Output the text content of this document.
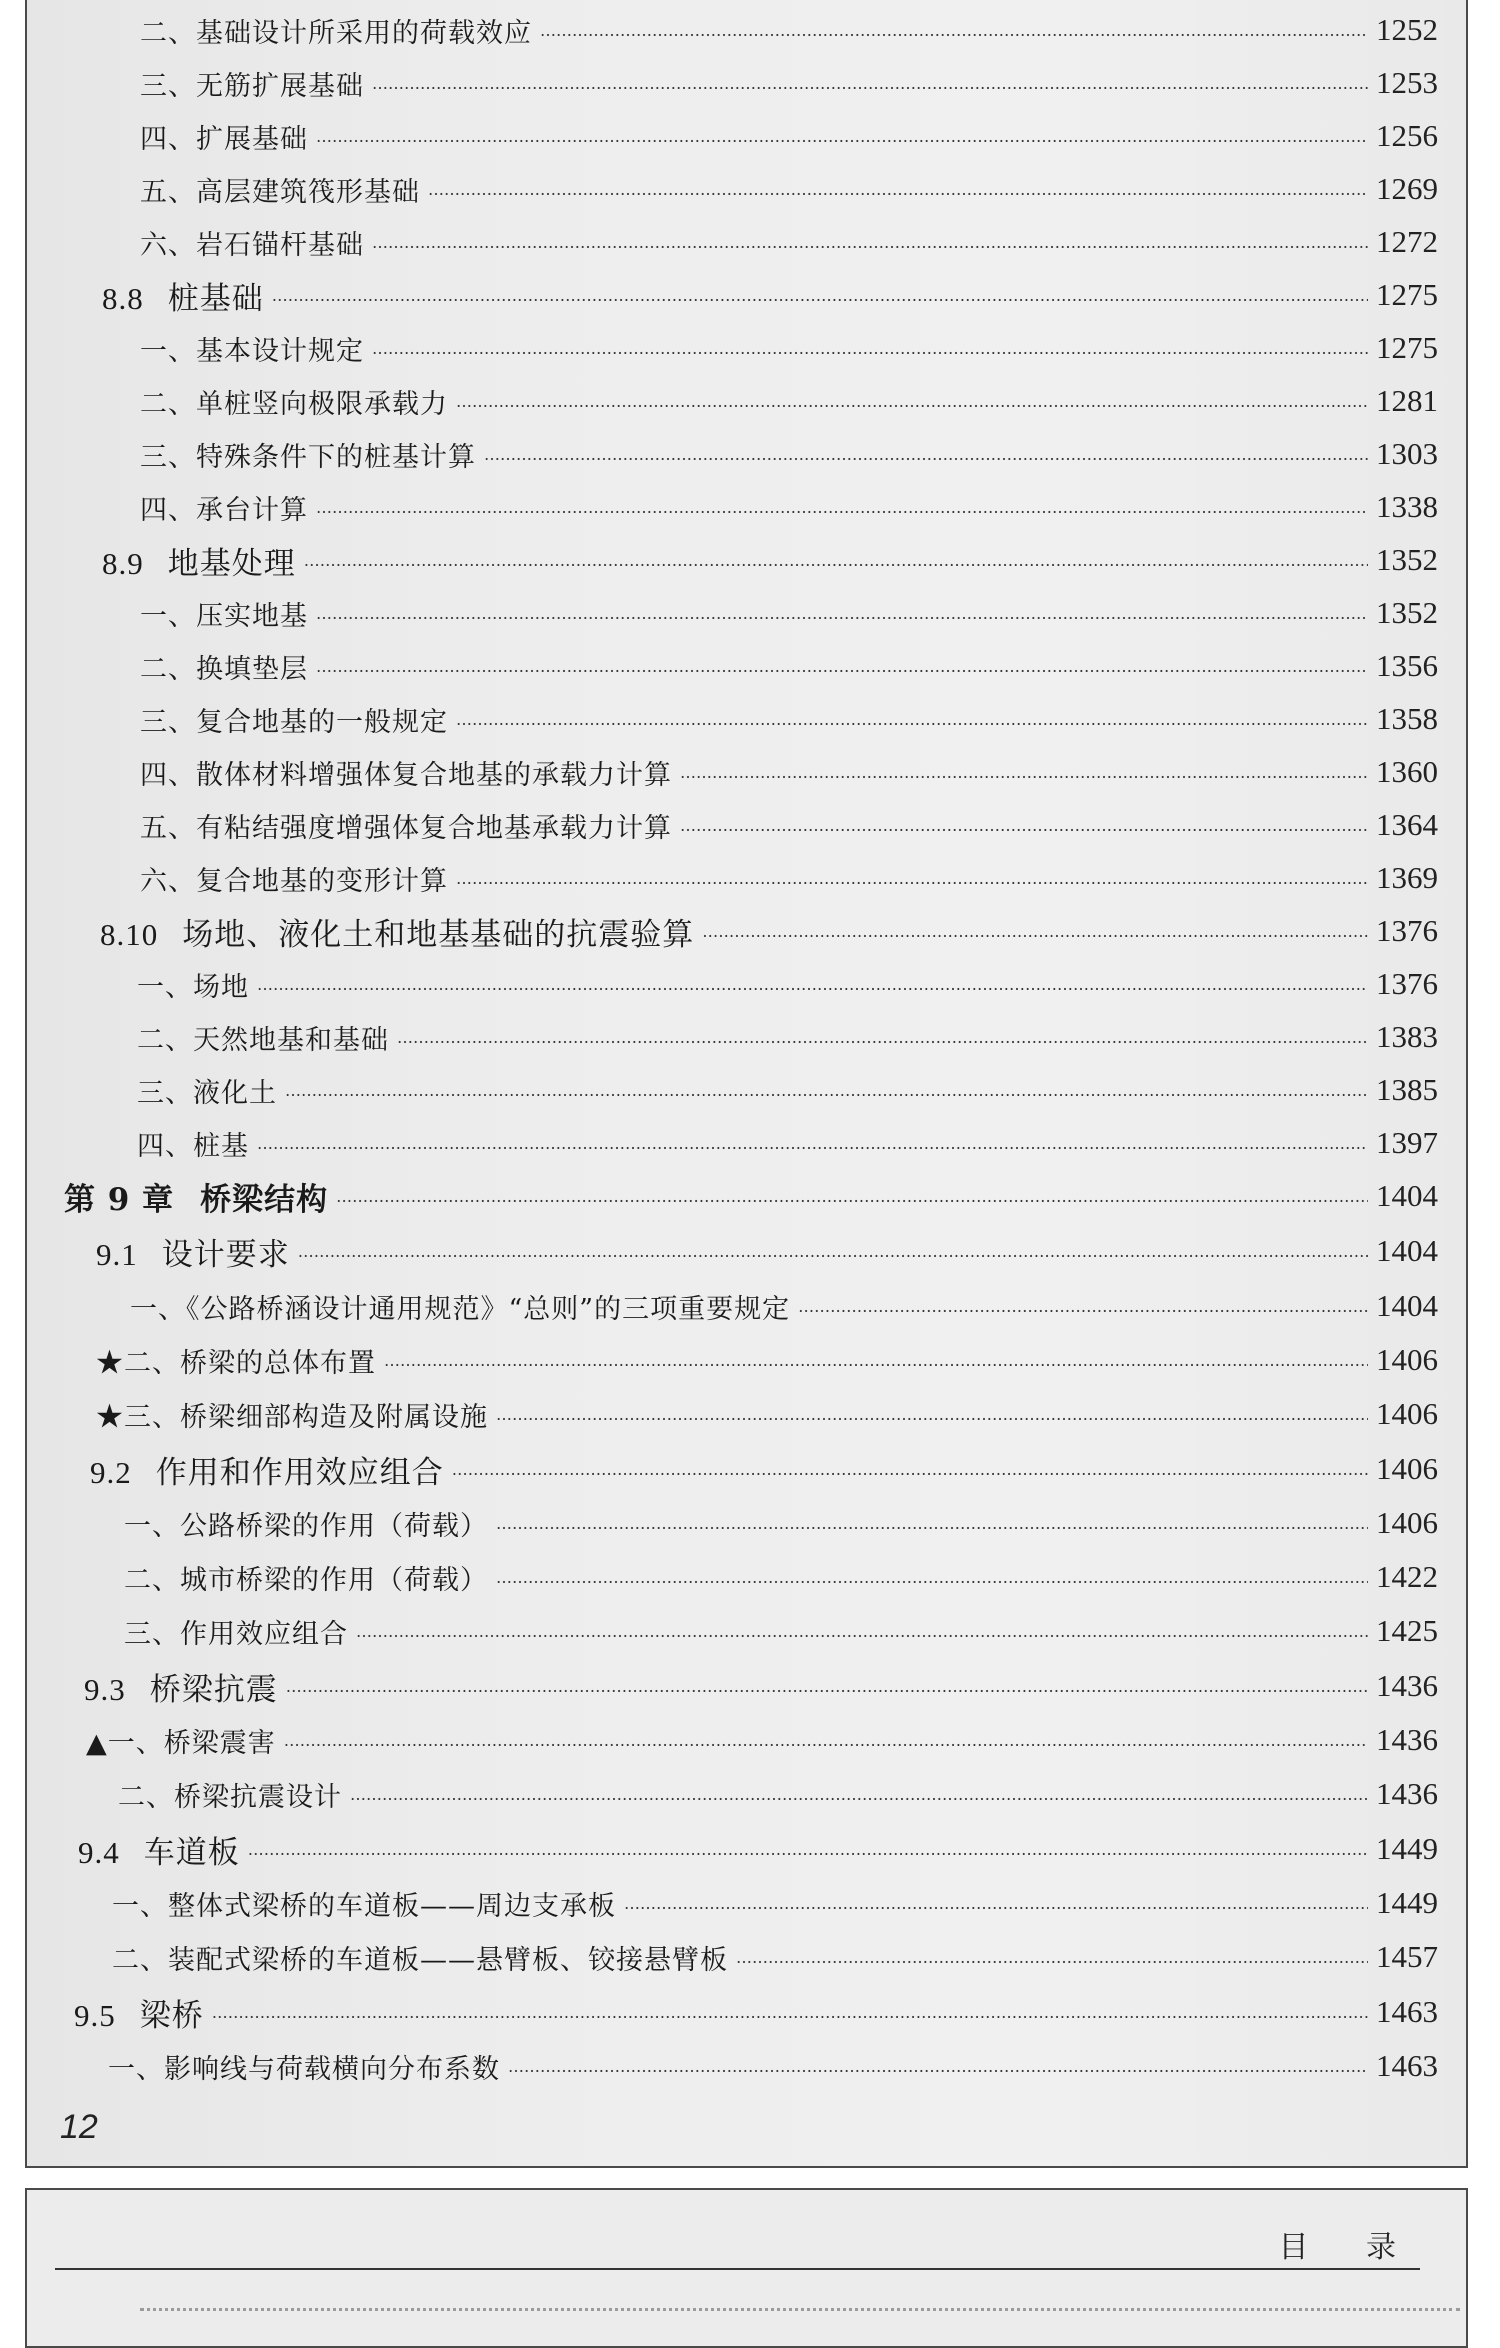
二、基础设计所采用的荷载效应 ……………………………………………………………………………………………………………………………………………………………………………………………………………………………………………………………………	1252
三、无筋扩展基础 ……………………………………………………………………………………………………………………………………………………………………………………………………………………………………………………………………	1253
四、扩展基础 ……………………………………………………………………………………………………………………………………………………………………………………………………………………………………………………………………	1256
五、高层建筑筏形基础 ……………………………………………………………………………………………………………………………………………………………………………………………………………………………………………………………………	1269
六、岩石锚杆基础 ……………………………………………………………………………………………………………………………………………………………………………………………………………………………………………………………………	1272
8.8 桩基础 ……………………………………………………………………………………………………………………………………………………………………………………………………………………………………………………………………	1275
一、基本设计规定 ……………………………………………………………………………………………………………………………………………………………………………………………………………………………………………………………………	1275
二、单桩竖向极限承载力 ……………………………………………………………………………………………………………………………………………………………………………………………………………………………………………………………………	1281
三、特殊条件下的桩基计算 ……………………………………………………………………………………………………………………………………………………………………………………………………………………………………………………………………	1303
四、承台计算 ……………………………………………………………………………………………………………………………………………………………………………………………………………………………………………………………………	1338
8.9 地基处理 ……………………………………………………………………………………………………………………………………………………………………………………………………………………………………………………………………	1352
一、压实地基 ……………………………………………………………………………………………………………………………………………………………………………………………………………………………………………………………………	1352
二、换填垫层 ……………………………………………………………………………………………………………………………………………………………………………………………………………………………………………………………………	1356
三、复合地基的一般规定 ……………………………………………………………………………………………………………………………………………………………………………………………………………………………………………………………………	1358
四、散体材料增强体复合地基的承载力计算 ……………………………………………………………………………………………………………………………………………………………………………………………………………………………………………………………………	1360
五、有粘结强度增强体复合地基承载力计算 ……………………………………………………………………………………………………………………………………………………………………………………………………………………………………………………………………	1364
六、复合地基的变形计算 ……………………………………………………………………………………………………………………………………………………………………………………………………………………………………………………………………	1369
8.10 场地、液化土和地基基础的抗震验算 ……………………………………………………………………………………………………………………………………………………………………………………………………………………………………………………………………	1376
一、场地 ……………………………………………………………………………………………………………………………………………………………………………………………………………………………………………………………………	1376
二、天然地基和基础 ……………………………………………………………………………………………………………………………………………………………………………………………………………………………………………………………………	1383
三、液化土 ……………………………………………………………………………………………………………………………………………………………………………………………………………………………………………………………………	1385
四、桩基 ……………………………………………………………………………………………………………………………………………………………………………………………………………………………………………………………………	1397
第 9 章 桥梁结构 ……………………………………………………………………………………………………………………………………………………………………………………………………………………………………………………………………	1404
9.1 设计要求 ……………………………………………………………………………………………………………………………………………………………………………………………………………………………………………………………………	1404
一、《公路桥涵设计通用规范》“总则”的三项重要规定 ……………………………………………………………………………………………………………………………………………………………………………………………………………………………………………………………………	1404
★二、桥梁的总体布置 ……………………………………………………………………………………………………………………………………………………………………………………………………………………………………………………………………	1406
★三、桥梁细部构造及附属设施 ……………………………………………………………………………………………………………………………………………………………………………………………………………………………………………………………………	1406
9.2 作用和作用效应组合 ……………………………………………………………………………………………………………………………………………………………………………………………………………………………………………………………………	1406
一、公路桥梁的作用（荷载） ……………………………………………………………………………………………………………………………………………………………………………………………………………………………………………………………………	1406
二、城市桥梁的作用（荷载） ……………………………………………………………………………………………………………………………………………………………………………………………………………………………………………………………………	1422
三、作用效应组合 ……………………………………………………………………………………………………………………………………………………………………………………………………………………………………………………………………	1425
9.3 桥梁抗震 ……………………………………………………………………………………………………………………………………………………………………………………………………………………………………………………………………	1436
▲一、桥梁震害 ……………………………………………………………………………………………………………………………………………………………………………………………………………………………………………………………………	1436
二、桥梁抗震设计 ……………………………………………………………………………………………………………………………………………………………………………………………………………………………………………………………………	1436
9.4 车道板 ……………………………………………………………………………………………………………………………………………………………………………………………………………………………………………………………………	1449
一、整体式梁桥的车道板——周边支承板 ……………………………………………………………………………………………………………………………………………………………………………………………………………………………………………………………………	1449
二、装配式梁桥的车道板——悬臂板、铰接悬臂板 ……………………………………………………………………………………………………………………………………………………………………………………………………………………………………………………………………	1457
9.5 梁桥 ……………………………………………………………………………………………………………………………………………………………………………………………………………………………………………………………………	1463
一、影响线与荷载横向分布系数 ……………………………………………………………………………………………………………………………………………………………………………………………………………………………………………………………………	1463
12
目 录
